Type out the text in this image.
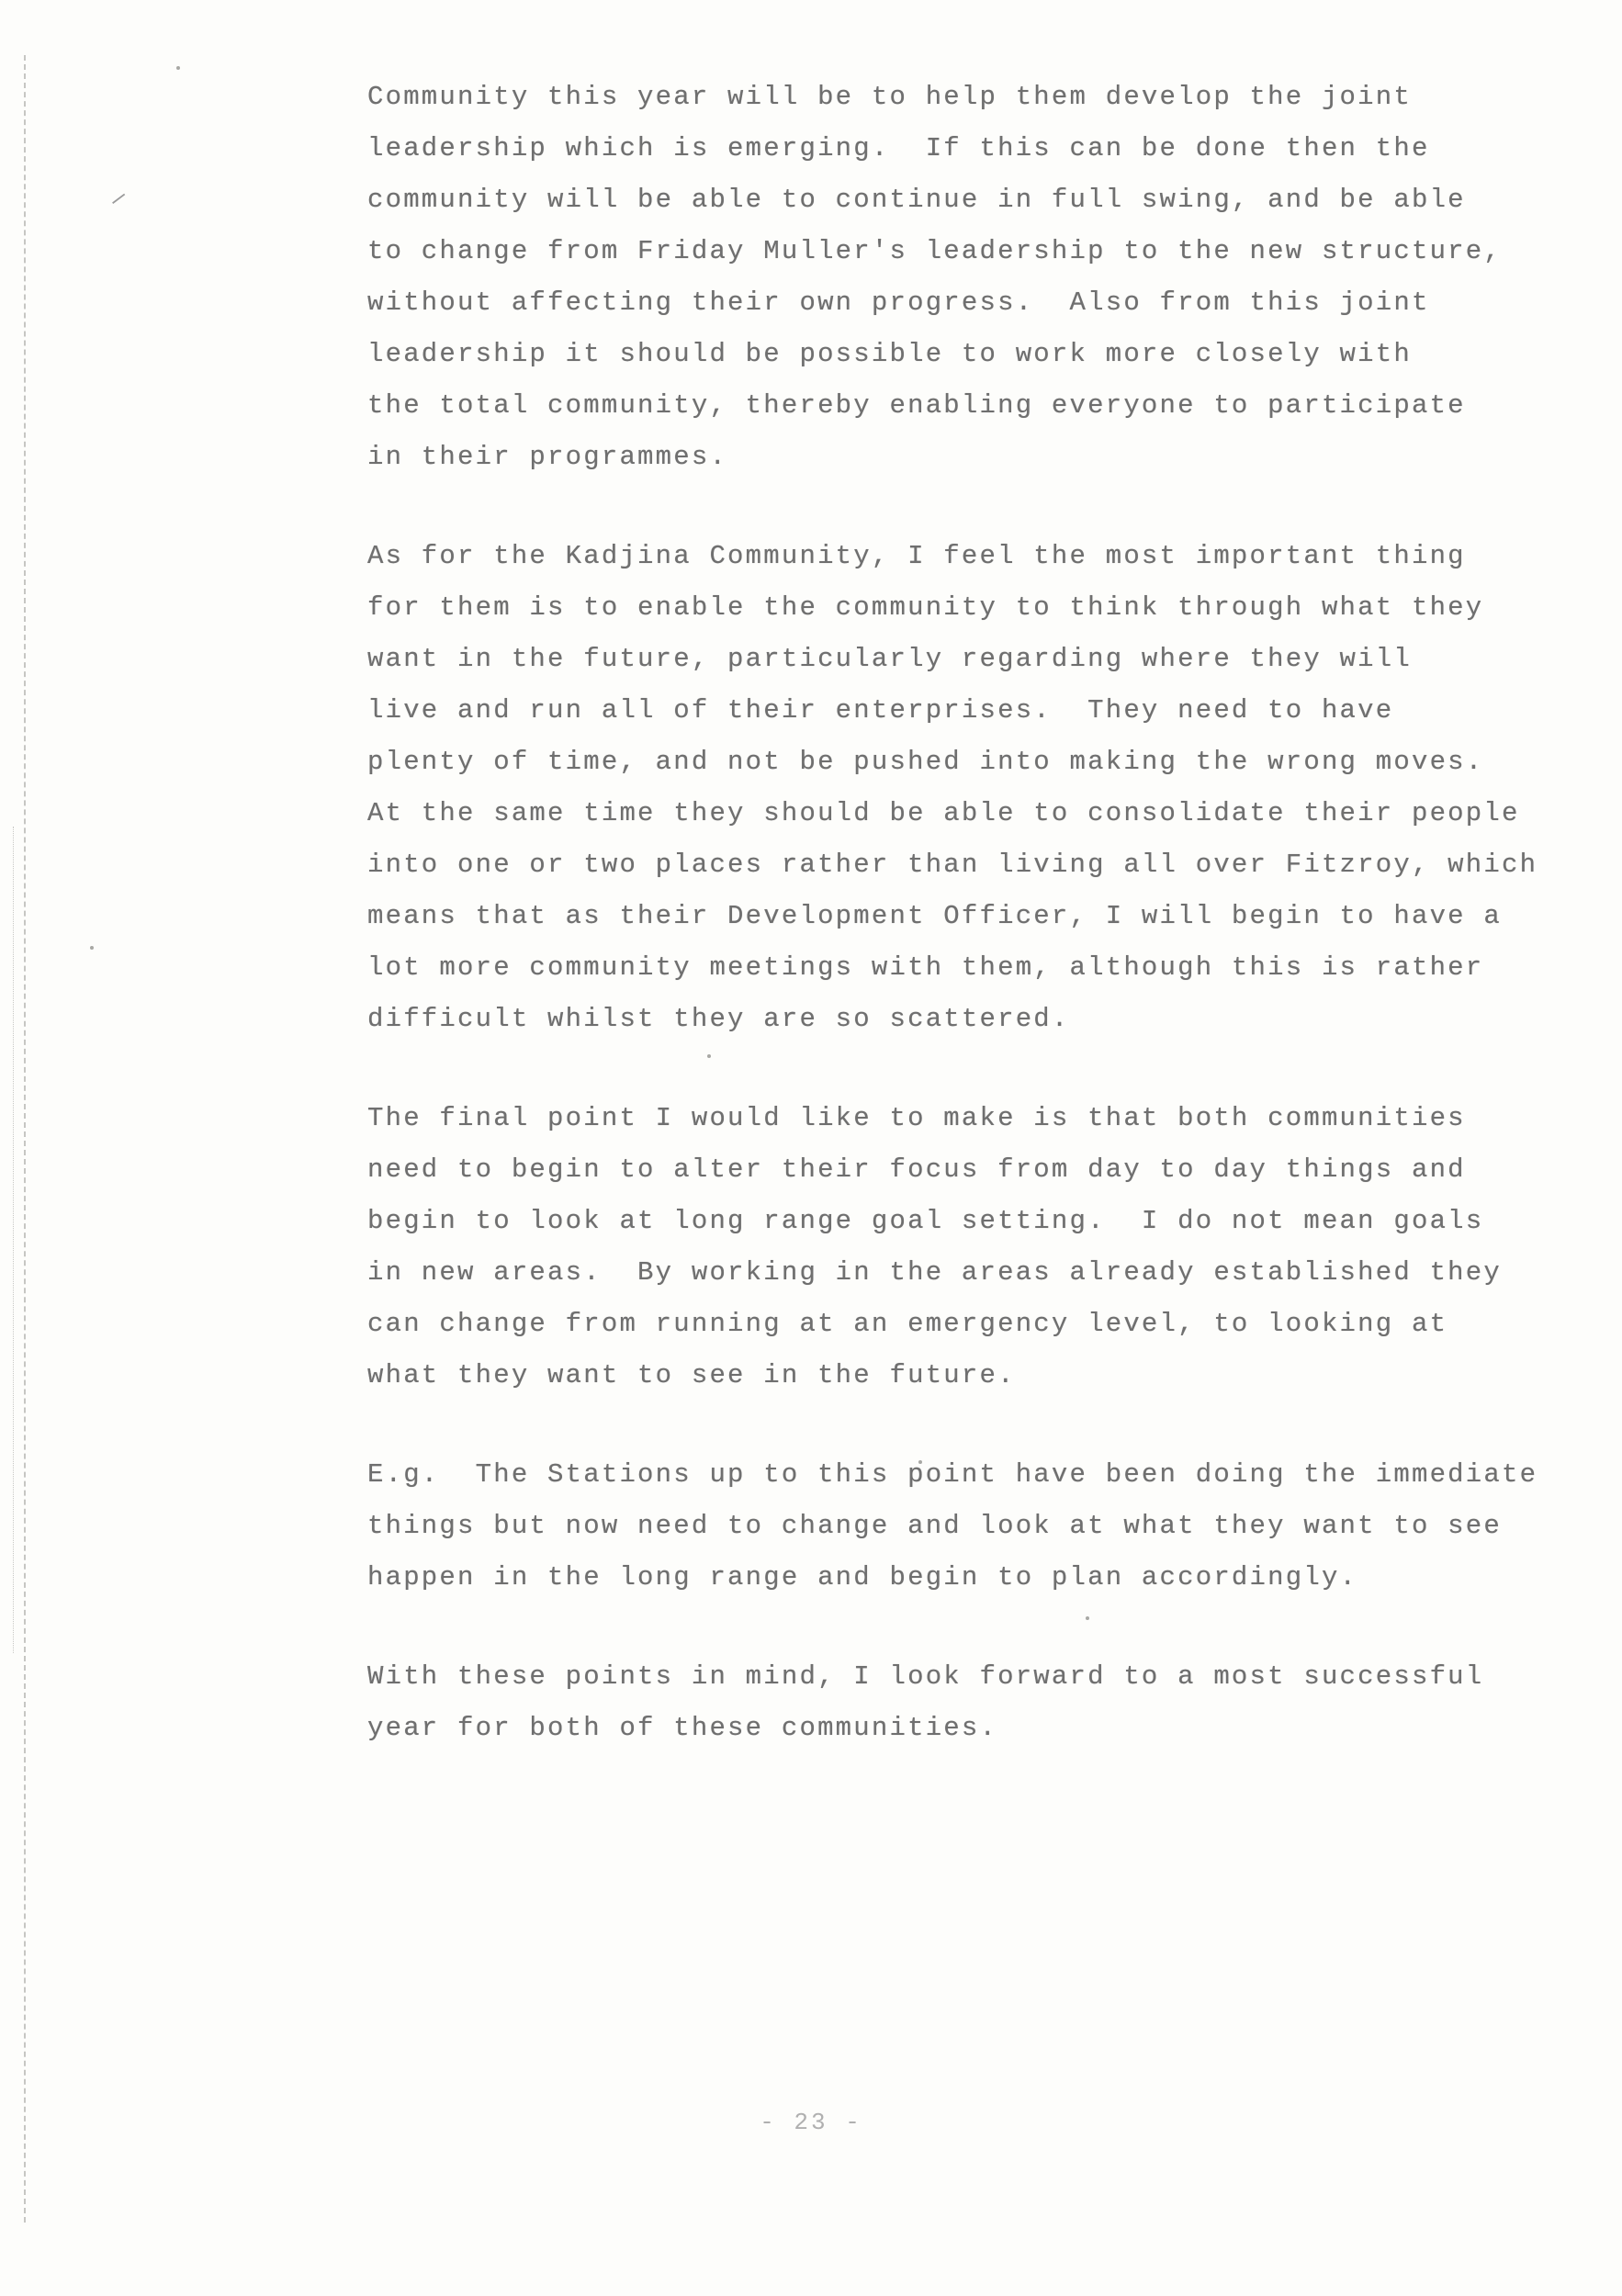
⸝
Community this year will be to help them develop the joint
leadership which is emerging.  If this can be done then the
community will be able to continue in full swing, and be able
to change from Friday Muller's leadership to the new structure,
without affecting their own progress.  Also from this joint
leadership it should be possible to work more closely with
the total community, thereby enabling everyone to participate
in their programmes.
As for the Kadjina Community, I feel the most important thing
for them is to enable the community to think through what they
want in the future, particularly regarding where they will
live and run all of their enterprises.  They need to have
plenty of time, and not be pushed into making the wrong moves.
At the same time they should be able to consolidate their people
into one or two places rather than living all over Fitzroy, which
means that as their Development Officer, I will begin to have a
lot more community meetings with them, although this is rather
difficult whilst they are so scattered.
The final point I would like to make is that both communities
need to begin to alter their focus from day to day things and
begin to look at long range goal setting.  I do not mean goals
in new areas.  By working in the areas already established they
can change from running at an emergency level, to looking at
what they want to see in the future.
E.g.  The Stations up to this point have been doing the immediate
things but now need to change and look at what they want to see
happen in the long range and begin to plan accordingly.
With these points in mind, I look forward to a most successful
year for both of these communities.
- 23 -
